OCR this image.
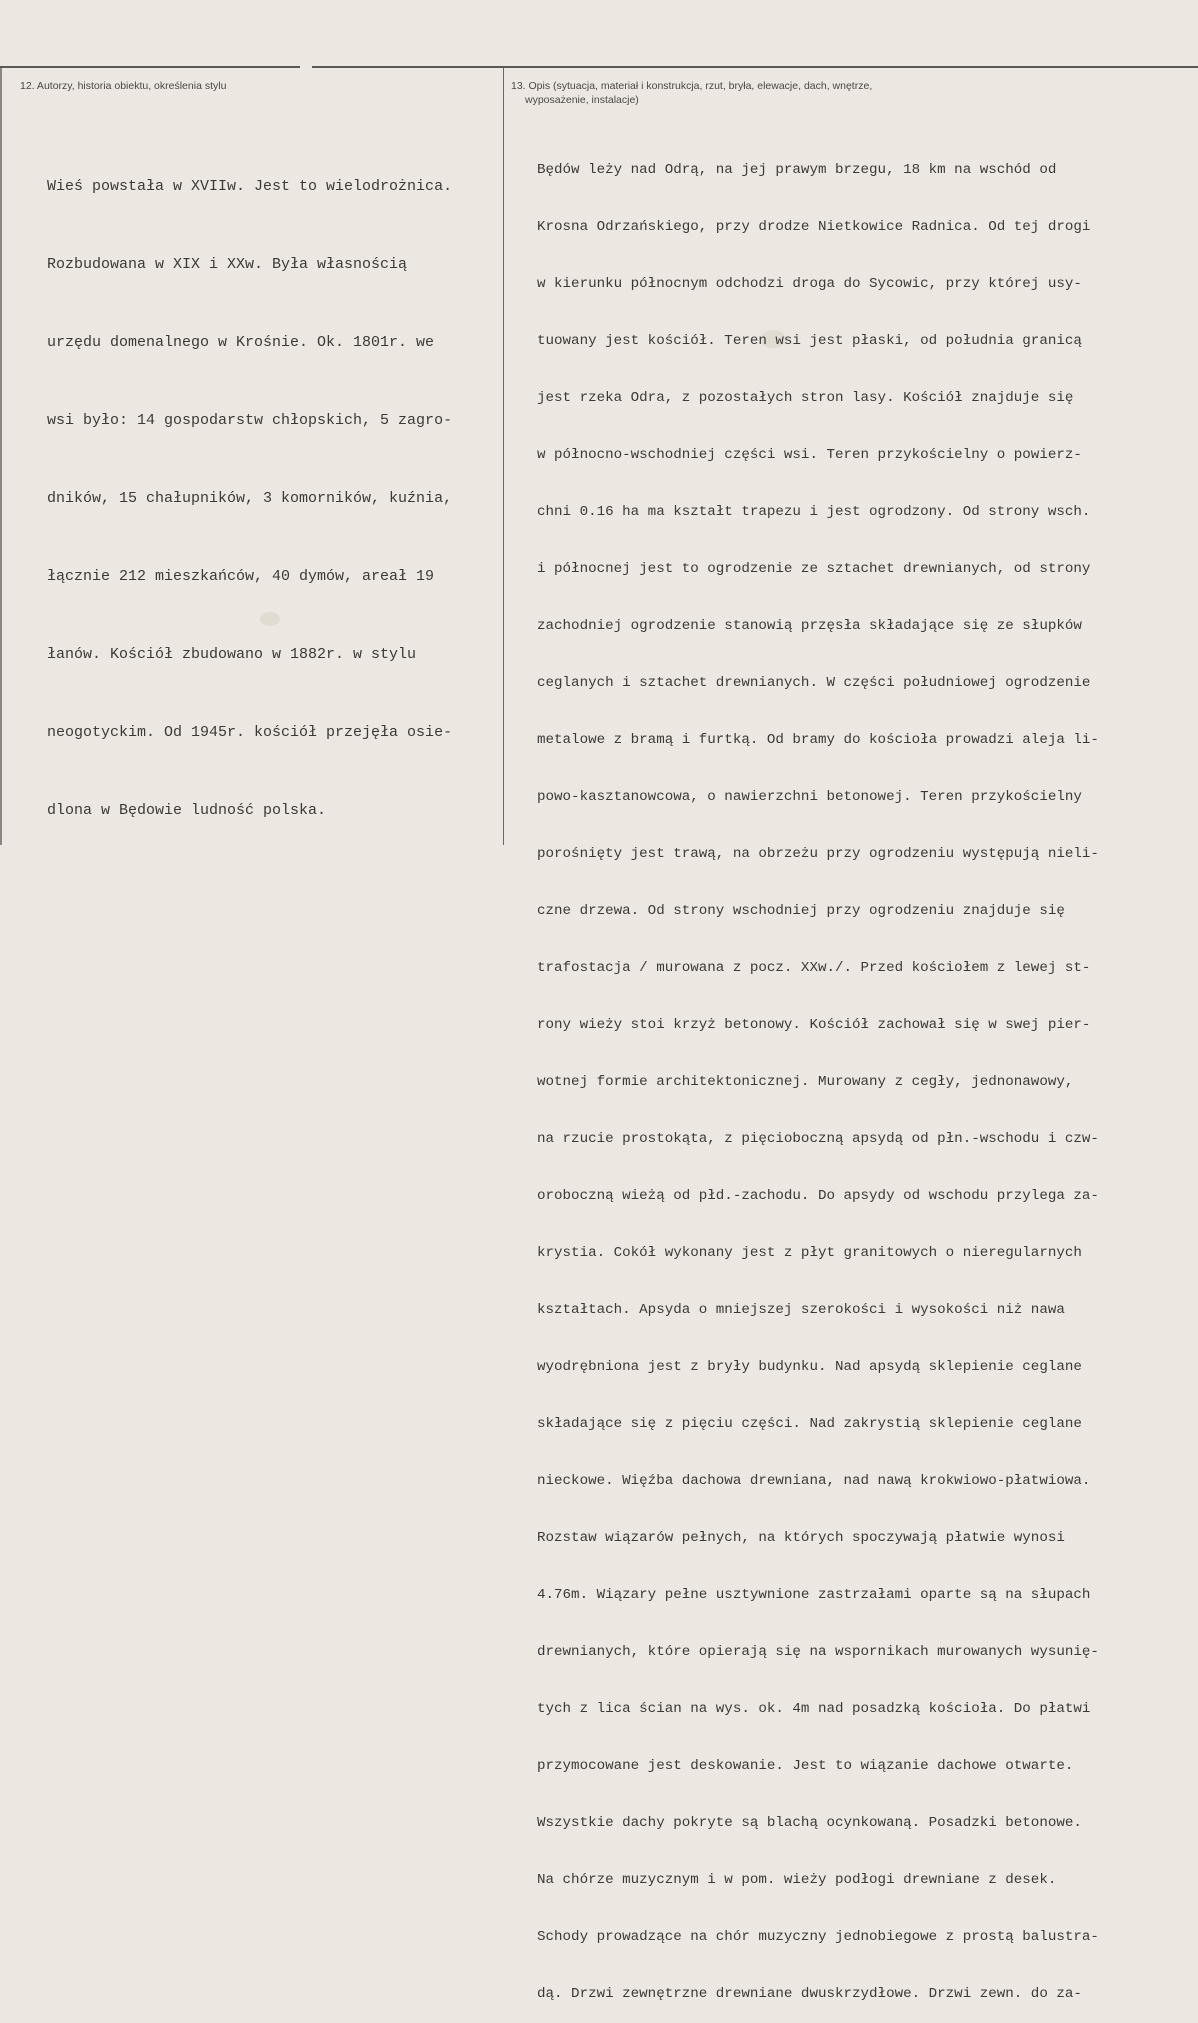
12. Autorzy, historia obiektu, określenia stylu	13. Opis (sytuacja, materiał i konstrukcja, rzut, bryła, elewacje, dach, wnętrze,
wyposażenie, instalacje)

Wieś powstała w XVIIw. Jest to wielodrożnica.

Rozbudowana w XIX i XXw. Była własnością

urzędu domenalnego w Krośnie. Ok. 1801r. we

wsi było: 14 gospodarstw chłopskich, 5 zagro-

dników, 15 chałupników, 3 komorników, kuźnia,

łącznie 212 mieszkańców, 40 dymów, areał 19

łanów. Kościół zbudowano w 1882r. w stylu

neogotyckim. Od 1945r. kościół przejęła osie-

dlona w Będowie ludność polska.

Będów leży nad Odrą, na jej prawym brzegu, 18 km na wschód od

Krosna Odrzańskiego, przy drodze Nietkowice Radnica. Od tej drogi

w kierunku północnym odchodzi droga do Sycowic, przy której usy-

tuowany jest kościół. Teren wsi jest płaski, od południa granicą

jest rzeka Odra, z pozostałych stron lasy. Kościół znajduje się

w północno-wschodniej części wsi. Teren przykościelny o powierz-

chni 0.16 ha ma kształt trapezu i jest ogrodzony. Od strony wsch.

i północnej jest to ogrodzenie ze sztachet drewnianych, od strony

zachodniej ogrodzenie stanowią przęsła składające się ze słupków

ceglanych i sztachet drewnianych. W części południowej ogrodzenie

metalowe z bramą i furtką. Od bramy do kościoła prowadzi aleja li-

powo-kasztanowcowa, o nawierzchni betonowej. Teren przykościelny

porośnięty jest trawą, na obrzeżu przy ogrodzeniu występują nieli-

czne drzewa. Od strony wschodniej przy ogrodzeniu znajduje się

trafostacja / murowana z pocz. XXw./. Przed kościołem z lewej st-

rony wieży stoi krzyż betonowy. Kościół zachował się w swej pier-

wotnej formie architektonicznej. Murowany z cegły, jednonawowy,

na rzucie prostokąta, z pięcioboczną apsydą od płn.-wschodu i czw-

oroboczną wieżą od płd.-zachodu. Do apsydy od wschodu przylega za-

krystia. Cokół wykonany jest z płyt granitowych o nieregularnych

kształtach. Apsyda o mniejszej szerokości i wysokości niż nawa

wyodrębniona jest z bryły budynku. Nad apsydą sklepienie ceglane

składające się z pięciu części. Nad zakrystią sklepienie ceglane

nieckowe. Więźba dachowa drewniana, nad nawą krokwiowo-płatwiowa.

Rozstaw wiązarów pełnych, na których spoczywają płatwie wynosi

4.76m. Wiązary pełne usztywnione zastrzałami oparte są na słupach

drewnianych, które opierają się na wspornikach murowanych wysunię-

tych z lica ścian na wys. ok. 4m nad posadzką kościoła. Do płatwi

przymocowane jest deskowanie. Jest to wiązanie dachowe otwarte.

Wszystkie dachy pokryte są blachą ocynkowaną. Posadzki betonowe.

Na chórze muzycznym i w pom. wieży podłogi drewniane z desek.

Schody prowadzące na chór muzyczny jednobiegowe z prostą balustra-

dą. Drzwi zewnętrzne drewniane dwuskrzydłowe. Drzwi zewn. do za-
